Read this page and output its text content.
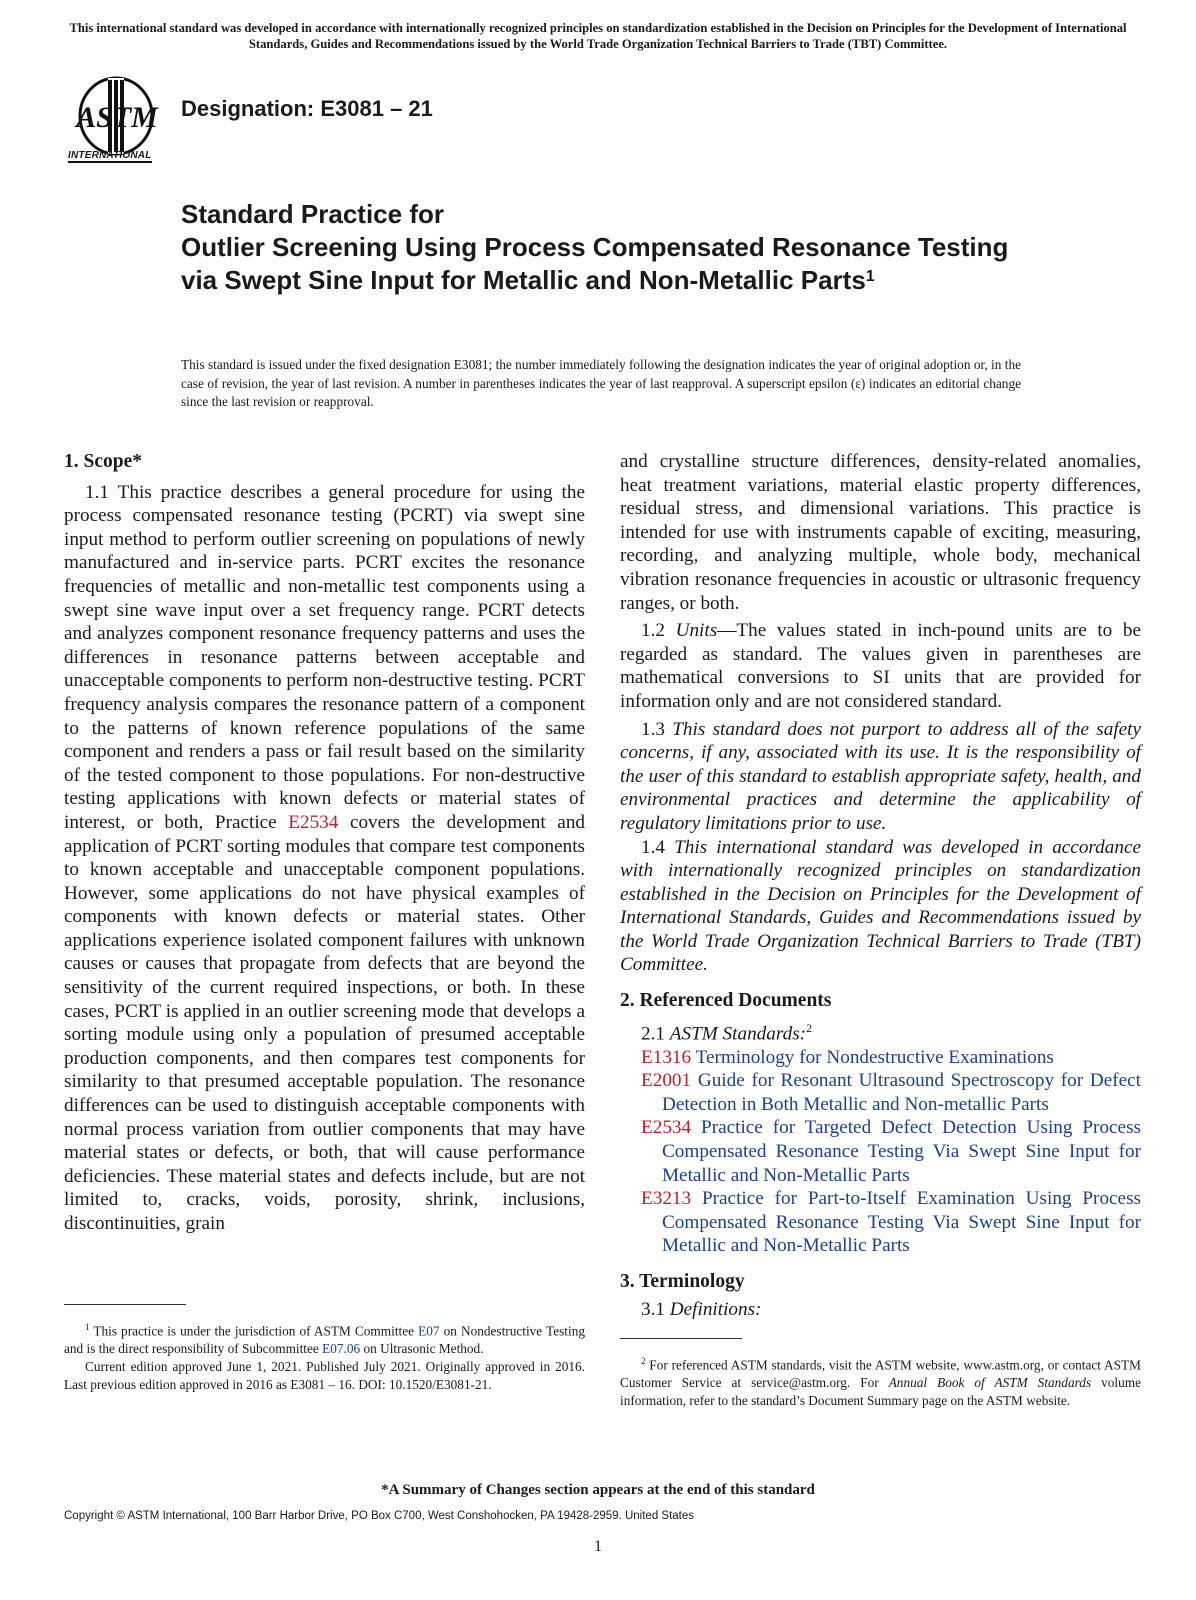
This international standard was developed in accordance with internationally recognized principles on standardization established in the Decision on Principles for the Development of International Standards, Guides and Recommendations issued by the World Trade Organization Technical Barriers to Trade (TBT) Committee.
ASTM
INTERNATIONAL
Designation: E3081 – 21
Standard Practice for
Outlier Screening Using Process Compensated Resonance Testing via Swept Sine Input for Metallic and Non-Metallic Parts$^1$
This standard is issued under the fixed designation E3081; the number immediately following the designation indicates the year of original adoption or, in the case of revision, the year of last revision. A number in parentheses indicates the year of last reapproval. A superscript epsilon (ε) indicates an editorial change since the last revision or reapproval.

1. Scope*

1.1 This practice describes a general procedure for using the process compensated resonance testing (PCRT) via swept sine input method to perform outlier screening on populations of newly manufactured and in-service parts. PCRT excites the resonance frequencies of metallic and non-metallic test components using a swept sine wave input over a set frequency range. PCRT detects and analyzes component resonance frequency patterns and uses the differences in resonance patterns between acceptable and unacceptable components to perform non-destructive testing. PCRT frequency analysis compares the resonance pattern of a component to the patterns of known reference populations of the same component and renders a pass or fail result based on the similarity of the tested component to those populations. For non-destructive testing applications with known defects or material states of interest, or both, Practice E2534 covers the development and application of PCRT sorting modules that compare test components to known acceptable and unacceptable component populations. However, some applications do not have physical examples of components with known defects or material states. Other applications experience isolated component failures with unknown causes or causes that propagate from defects that are beyond the sensitivity of the current required inspections, or both. In these cases, PCRT is applied in an outlier screening mode that develops a sorting module using only a population of presumed acceptable production components, and then compares test components for similarity to that presumed acceptable population. The resonance differences can be used to distinguish acceptable components with normal process variation from outlier components that may have material states or defects, or both, that will cause performance deficiencies. These material states and defects include, but are not limited to, cracks, voids, porosity, shrink, inclusions, discontinuities, grain

and crystalline structure differences, density-related anomalies, heat treatment variations, material elastic property differences, residual stress, and dimensional variations. This practice is intended for use with instruments capable of exciting, measuring, recording, and analyzing multiple, whole body, mechanical vibration resonance frequencies in acoustic or ultrasonic frequency ranges, or both.

1.2 Units—The values stated in inch-pound units are to be regarded as standard. The values given in parentheses are mathematical conversions to SI units that are provided for information only and are not considered standard.

1.3 This standard does not purport to address all of the safety concerns, if any, associated with its use. It is the responsibility of the user of this standard to establish appropriate safety, health, and environmental practices and determine the applicability of regulatory limitations prior to use.

1.4 This international standard was developed in accordance with internationally recognized principles on standardization established in the Decision on Principles for the Development of International Standards, Guides and Recommendations issued by the World Trade Organization Technical Barriers to Trade (TBT) Committee.

2. Referenced Documents

2.1 ASTM Standards:$^2$

E1316 Terminology for Nondestructive Examinations

E2001 Guide for Resonant Ultrasound Spectroscopy for Defect Detection in Both Metallic and Non-metallic Parts

E2534 Practice for Targeted Defect Detection Using Process Compensated Resonance Testing Via Swept Sine Input for Metallic and Non-Metallic Parts

E3213 Practice for Part-to-Itself Examination Using Process Compensated Resonance Testing Via Swept Sine Input for Metallic and Non-Metallic Parts

3. Terminology

3.1 Definitions:

$^1$ This practice is under the jurisdiction of ASTM Committee E07 on Nondestructive Testing and is the direct responsibility of Subcommittee E07.06 on Ultrasonic Method.

Current edition approved June 1, 2021. Published July 2021. Originally approved in 2016. Last previous edition approved in 2016 as E3081 – 16. DOI: 10.1520/E3081-21.

$^2$ For referenced ASTM standards, visit the ASTM website, www.astm.org, or contact ASTM Customer Service at service@astm.org. For Annual Book of ASTM Standards volume information, refer to the standard’s Document Summary page on the ASTM website.

*A Summary of Changes section appears at the end of this standard
Copyright © ASTM International, 100 Barr Harbor Drive, PO Box C700, West Conshohocken, PA 19428-2959. United States
1
